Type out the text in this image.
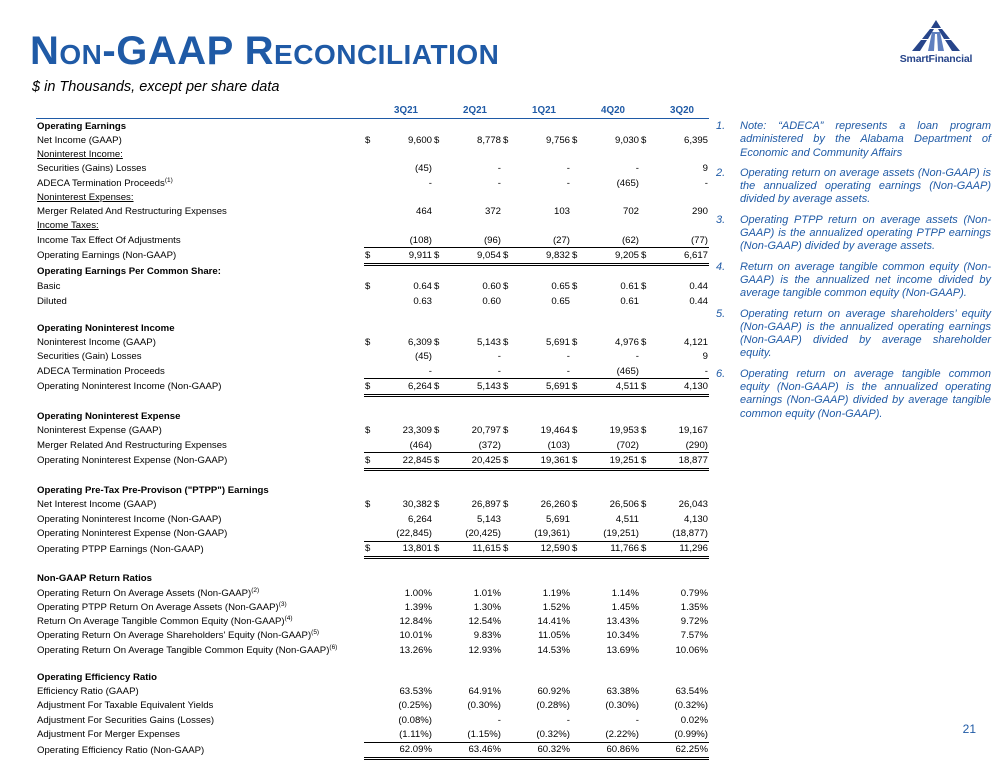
Non-GAAP Reconciliation
$ in Thousands, except per share data
SmartFinancial
		3Q21		2Q21		1Q21		4Q20		3Q20
Operating Earnings										
Net Income (GAAP)	$	9,600	$	8,778	$	9,756	$	9,030	$	6,395
Noninterest Income:										
Securities (Gains) Losses		(45)		-		-		-		9
ADECA Termination Proceeds$^{(1)}$		-		-		-		(465)		-
Noninterest Expenses:										
Merger Related And Restructuring Expenses		464		372		103		702		290
Income Taxes:										
Income Tax Effect Of Adjustments		(108)		(96)		(27)		(62)		(77)
Operating Earnings (Non-GAAP)	$	9,911	$	9,054	$	9,832	$	9,205	$	6,617
Operating Earnings Per Common Share:										
Basic	$	0.64	$	0.60	$	0.65	$	0.61	$	0.44
Diluted		0.63		0.60		0.65		0.61		0.44

Operating Noninterest Income										
Noninterest Income (GAAP)	$	6,309	$	5,143	$	5,691	$	4,976	$	4,121
Securities (Gain) Losses		(45)		-		-		-		9
ADECA Termination Proceeds		-		-		-		(465)		-
Operating Noninterest Income (Non-GAAP)	$	6,264	$	5,143	$	5,691	$	4,511	$	4,130

Operating Noninterest Expense										
Noninterest Expense (GAAP)	$	23,309	$	20,797	$	19,464	$	19,953	$	19,167
Merger Related And Restructuring Expenses		(464)		(372)		(103)		(702)		(290)
Operating Noninterest Expense (Non-GAAP)	$	22,845	$	20,425	$	19,361	$	19,251	$	18,877

Operating Pre-Tax Pre-Provison ("PTPP") Earnings										
Net Interest Income (GAAP)	$	30,382	$	26,897	$	26,260	$	26,506	$	26,043
Operating Noninterest Income (Non-GAAP)		6,264		5,143		5,691		4,511		4,130
Operating Noninterest Expense (Non-GAAP)		(22,845)		(20,425)		(19,361)		(19,251)		(18,877)
Operating PTPP Earnings (Non-GAAP)	$	13,801	$	11,615	$	12,590	$	11,766	$	11,296

Non-GAAP Return Ratios										
Operating Return On Average Assets (Non-GAAP)$^{(2)}$		1.00%		1.01%		1.19%		1.14%		0.79%
Operating PTPP Return On Average Assets (Non-GAAP)$^{(3)}$		1.39%		1.30%		1.52%		1.45%		1.35%
Return On Average Tangible Common Equity (Non-GAAP)$^{(4)}$		12.84%		12.54%		14.41%		13.43%		9.72%
Operating Return On Average Shareholders' Equity (Non-GAAP)$^{(5)}$		10.01%		9.83%		11.05%		10.34%		7.57%
Operating Return On Average Tangible Common Equity (Non-GAAP)$^{(6)}$		13.26%		12.93%		14.53%		13.69%		10.06%

Operating Efficiency Ratio										
Efficiency Ratio (GAAP)		63.53%		64.91%		60.92%		63.38%		63.54%
Adjustment For Taxable Equivalent Yields		(0.25%)		(0.30%)		(0.28%)		(0.30%)		(0.32%)
Adjustment For Securities Gains (Losses)		(0.08%)		-		-		-		0.02%
Adjustment For Merger Expenses		(1.11%)		(1.15%)		(0.32%)		(2.22%)		(0.99%)
Operating Efficiency Ratio (Non-GAAP)		62.09%		63.46%		60.32%		60.86%		62.25%
1. Note: “ADECA” represents a loan program administered by the Alabama Department of Economic and Community Affairs
2. Operating return on average assets (Non-GAAP) is the annualized operating earnings (Non-GAAP) divided by average assets.
3. Operating PTPP return on average assets (Non-GAAP) is the annualized operating PTPP earnings (Non-GAAP) divided by average assets.
4. Return on average tangible common equity (Non-GAAP) is the annualized net income divided by average tangible common equity (Non-GAAP).
5. Operating return on average shareholders’ equity (Non-GAAP) is the annualized operating earnings (Non-GAAP) divided by average shareholder equity.
6. Operating return on average tangible common equity (Non-GAAP) is the annualized operating earnings (Non-GAAP) divided by average tangible common equity (Non-GAAP).
21
